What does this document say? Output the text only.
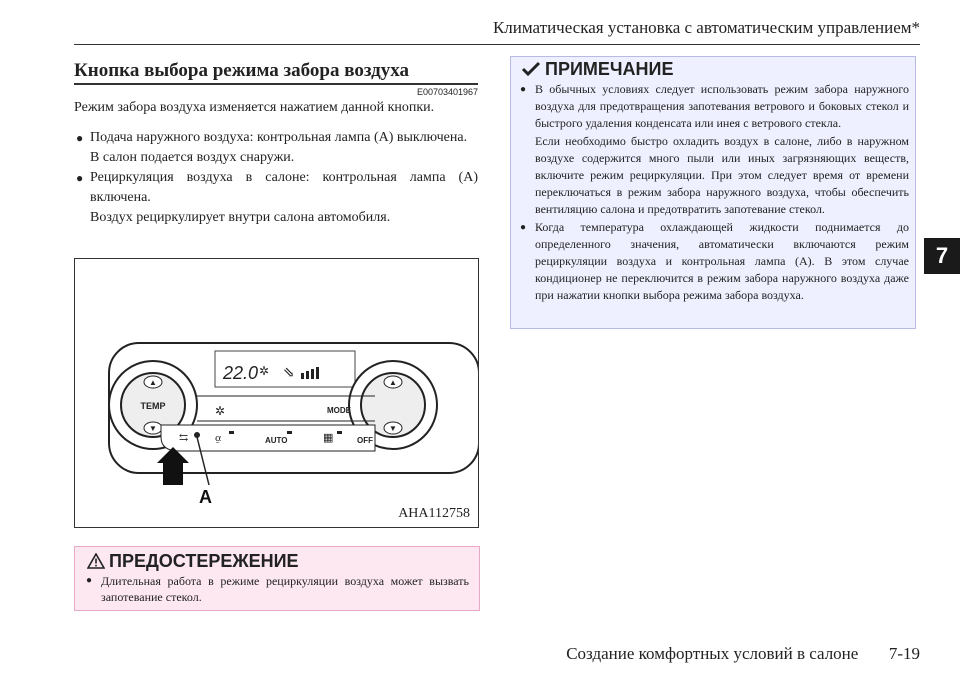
Климатическая установка с автоматическим управлением*
7
Кнопка выбора режима забора воздуха
E00703401967
Режим забора воздуха изменяется нажатием данной кнопки.
● Подача наружного воздуха: контрольная лампа (А) выключена.
В салон подается воздух снаружи.
● Рециркуляция воздуха в салоне: контрольная лампа (А) включена.
Воздух рециркулирует внутри салона автомобиля.
22.0 ✲ ⇘
▲
▼
TEMP
▲
▼
✲	MODE
⇆ ⍶	AUTO	▦	OFF
A
AHA112758
ПРЕДОСТЕРЕЖЕНИЕ
● Длительная работа в режиме рециркуляции воздуха может вызвать запотевание стекол.
ПРИМЕЧАНИЕ
● В обычных условиях следует использовать режим забора наружного воздуха для предотвращения запотевания ветрового и боковых стекол и быстрого удаления конденсата или инея с ветрового стекла.
Если необходимо быстро охладить воздух в салоне, либо в наружном воздухе содержится много пыли или иных загрязняющих веществ, включите режим рециркуляции. При этом следует время от времени переключаться в режим забора наружного воздуха, чтобы обеспечить вентиляцию салона и предотвратить запотевание стекол.
● Когда температура охлаждающей жидкости поднимается до определенного значения, автоматически включаются режим рециркуляции воздуха и контрольная лампа (A). В этом случае кондиционер не переключится в режим забора наружного воздуха даже при нажатии кнопки выбора режима забора воздуха.
Создание комфортных условий в салоне 7-19
